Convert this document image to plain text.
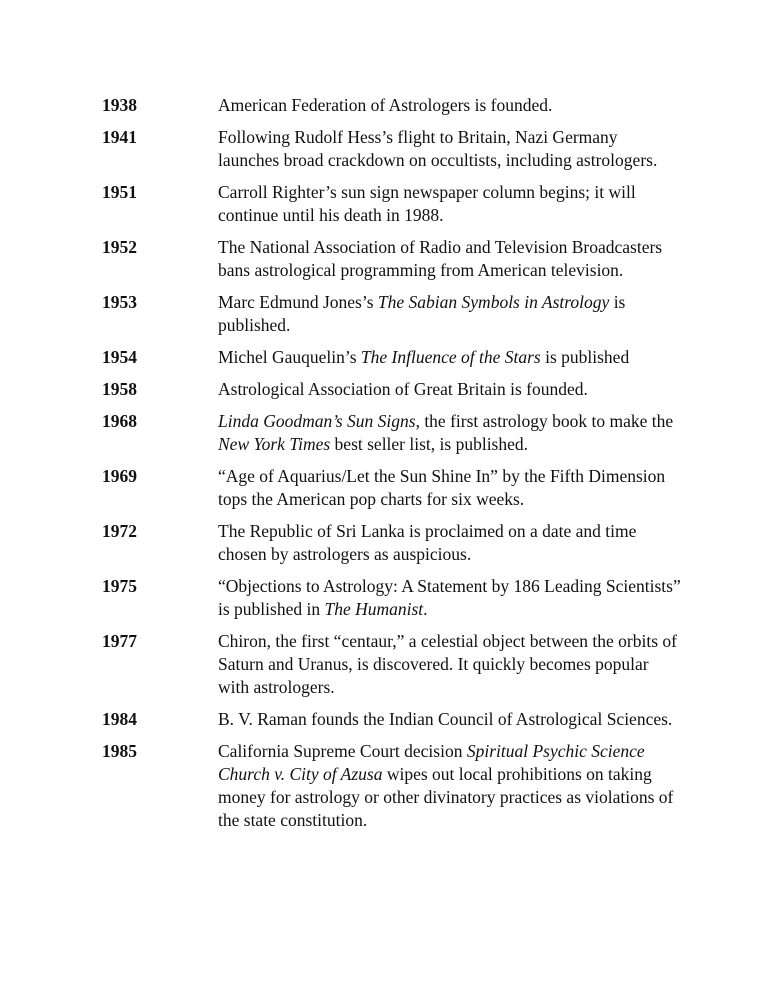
1938	American Federation of Astrologers is founded.
1941	Following Rudolf Hess’s flight to Britain, Nazi Germany launches broad crackdown on occultists, including astrologers.
1951	Carroll Righter’s sun sign newspaper column begins; it will continue until his death in 1988.
1952	The National Association of Radio and Television Broadcasters bans astrological programming from American television.
1953	Marc Edmund Jones’s The Sabian Symbols in Astrology is published.
1954	Michel Gauquelin’s The Influence of the Stars is published
1958	Astrological Association of Great Britain is founded.
1968	Linda Goodman’s Sun Signs, the first astrology book to make the New York Times best seller list, is published.
1969	“Age of Aquarius/Let the Sun Shine In” by the Fifth Dimension tops the American pop charts for six weeks.
1972	The Republic of Sri Lanka is proclaimed on a date and time chosen by astrologers as auspicious.
1975	“Objections to Astrology: A Statement by 186 Leading Scientists” is published in The Humanist.
1977	Chiron, the first “centaur,” a celestial object between the orbits of Saturn and Uranus, is discovered. It quickly becomes popular with astrologers.
1984	B. V. Raman founds the Indian Council of Astrological Sciences.
1985	California Supreme Court decision Spiritual Psychic Science Church v. City of Azusa wipes out local prohibitions on taking money for astrology or other divinatory practices as violations of the state constitution.
